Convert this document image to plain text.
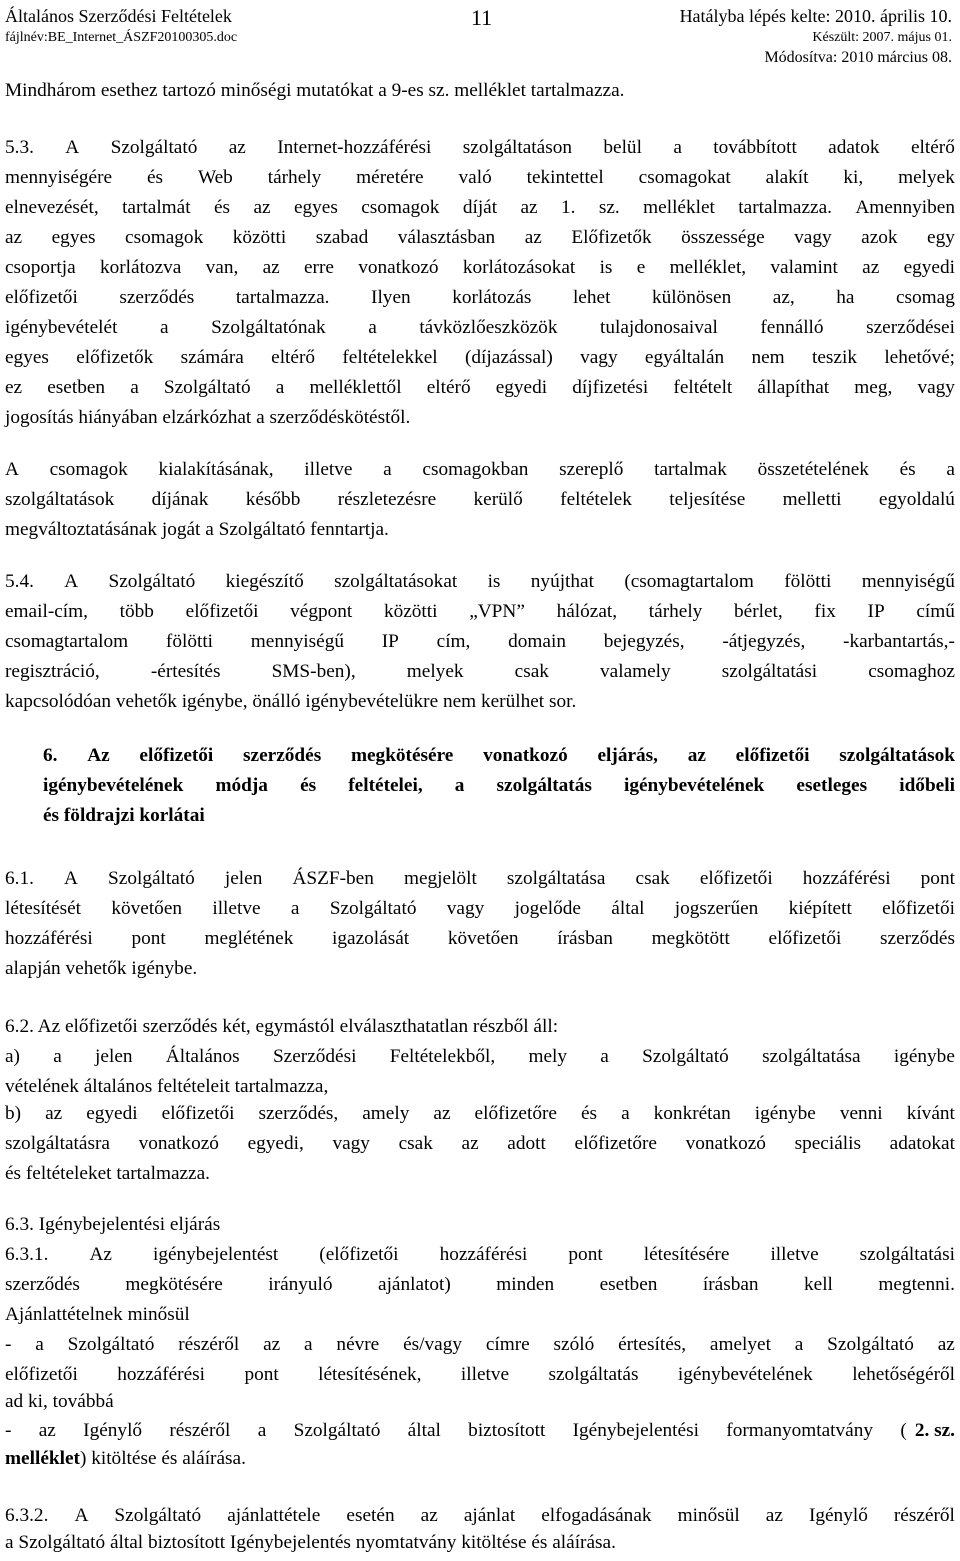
Általános Szerződési Feltételek
fájlnév:BE_Internet_ÁSZF20100305.doc
11	Hatályba lépés kelte: 2010. április 10.
Készült: 2007. május 01.
Módosítva: 2010 március 08.
Mindhárom esethez tartozó minőségi mutatókat a 9-es sz. melléklet tartalmazza.
5.3. A Szolgáltató az Internet-hozzáférési szolgáltatáson belül a továbbított adatok eltérő
mennyiségére és Web tárhely méretére való tekintettel csomagokat alakít ki, melyek
elnevezését, tartalmát és az egyes csomagok díját az 1. sz. melléklet tartalmazza. Amennyiben
az egyes csomagok közötti szabad választásban az Előfizetők összessége vagy azok egy
csoportja korlátozva van, az erre vonatkozó korlátozásokat is e melléklet, valamint az egyedi
előfizetői szerződés tartalmazza. Ilyen korlátozás lehet különösen az, ha csomag
igénybevételét a Szolgáltatónak a távközlőeszközök tulajdonosaival fennálló szerződései
egyes előfizetők számára eltérő feltételekkel (díjazással) vagy egyáltalán nem teszik lehetővé;
ez esetben a Szolgáltató a melléklettől eltérő egyedi díjfizetési feltételt állapíthat meg, vagy
jogosítás hiányában elzárkózhat a szerződéskötéstől.
A csomagok kialakításának, illetve a csomagokban szereplő tartalmak összetételének és a
szolgáltatások díjának később részletezésre kerülő feltételek teljesítése melletti egyoldalú
megváltoztatásának jogát a Szolgáltató fenntartja.
5.4. A Szolgáltató kiegészítő szolgáltatásokat is nyújthat (csomagtartalom fölötti mennyiségű
email-cím, több előfizetői végpont közötti „VPN” hálózat, tárhely bérlet, fix IP című
csomagtartalom fölötti mennyiségű IP cím, domain bejegyzés, -átjegyzés, -karbantartás,-
regisztráció,	-értesítés	SMS-ben),	melyek	csak	valamely	szolgáltatási	csomaghoz
kapcsolódóan vehetők igénybe, önálló igénybevételükre nem kerülhet sor.
6. Az előfizetői szerződés megkötésére vonatkozó eljárás, az előfizetői szolgáltatások
igénybevételének módja és feltételei, a szolgáltatás igénybevételének esetleges időbeli
és földrajzi korlátai
6.1. A Szolgáltató jelen ÁSZF-ben megjelölt szolgáltatása csak előfizetői hozzáférési pont
létesítését követően illetve a Szolgáltató vagy jogelőde által jogszerűen kiépített előfizetői
hozzáférési pont meglétének igazolását követően írásban megkötött előfizetői szerződés
alapján vehetők igénybe.
6.2. Az előfizetői szerződés két, egymástól elválaszthatatlan részből áll:
a) a jelen Általános Szerződési Feltételekből, mely a Szolgáltató szolgáltatása igénybe
vételének általános feltételeit tartalmazza,
b) az egyedi előfizetői szerződés, amely az előfizetőre és a konkrétan igénybe venni kívánt
szolgáltatásra vonatkozó egyedi, vagy csak az adott előfizetőre vonatkozó speciális adatokat
és feltételeket tartalmazza.
6.3. Igénybejelentési eljárás
6.3.1. Az igénybejelentést (előfizetői hozzáférési pont létesítésére illetve szolgáltatási
szerződés megkötésére irányuló ajánlatot) minden esetben írásban kell megtenni.
Ajánlattételnek minősül
- a Szolgáltató részéről az a névre és/vagy címre szóló értesítés, amelyet a Szolgáltató az
előfizetői hozzáférési pont létesítésének, illetve szolgáltatás igénybevételének lehetőségéről
ad ki, továbbá
- az Igénylő részéről a Szolgáltató által biztosított Igénybejelentési formanyomtatvány ( 2. sz.
melléklet) kitöltése és aláírása.
6.3.2. A Szolgáltató ajánlattétele esetén az ajánlat elfogadásának minősül az Igénylő részéről
a Szolgáltató által biztosított Igénybejelentés nyomtatvány kitöltése és aláírása.
